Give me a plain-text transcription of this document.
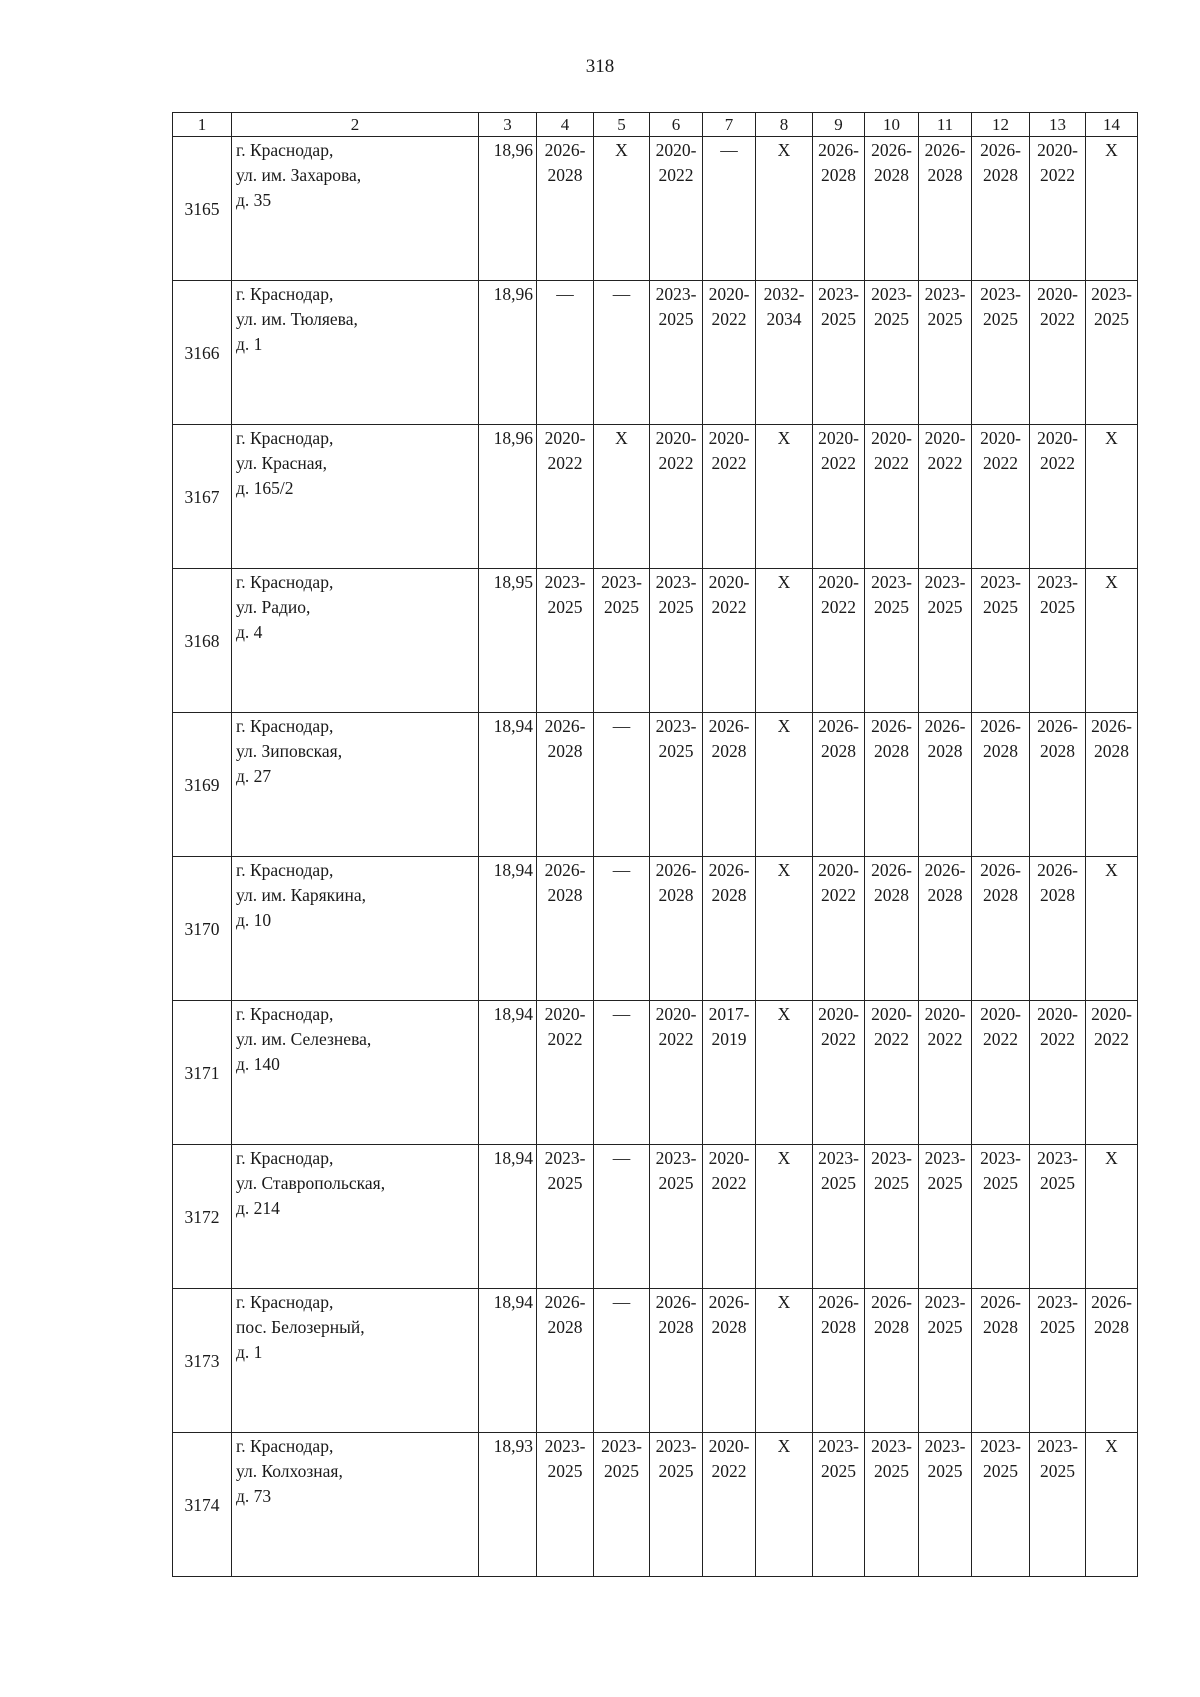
318
1	2	3	4	5	6	7	8	9	10	11	12	13	14
3165	г. Краснодар,
ул. им. Захарова,
д. 35	18,96	2026-
2028	X	2020-
2022	—	X	2026-
2028	2026-
2028	2026-
2028	2026-
2028	2020-
2022	X

3166	г. Краснодар,
ул. им. Тюляева,
д. 1	18,96	—	—	2023-
2025	2020-
2022	2032-
2034	2023-
2025	2023-
2025	2023-
2025	2023-
2025	2020-
2022	2023-
2025

3167	г. Краснодар,
ул. Красная,
д. 165/2	18,96	2020-
2022	X	2020-
2022	2020-
2022	X	2020-
2022	2020-
2022	2020-
2022	2020-
2022	2020-
2022	X

3168	г. Краснодар,
ул. Радио,
д. 4	18,95	2023-
2025	2023-
2025	2023-
2025	2020-
2022	X	2020-
2022	2023-
2025	2023-
2025	2023-
2025	2023-
2025	X

3169	г. Краснодар,
ул. Зиповская,
д. 27	18,94	2026-
2028	—	2023-
2025	2026-
2028	X	2026-
2028	2026-
2028	2026-
2028	2026-
2028	2026-
2028	2026-
2028

3170	г. Краснодар,
ул. им. Карякина,
д. 10	18,94	2026-
2028	—	2026-
2028	2026-
2028	X	2020-
2022	2026-
2028	2026-
2028	2026-
2028	2026-
2028	X

3171	г. Краснодар,
ул. им. Селезнева,
д. 140	18,94	2020-
2022	—	2020-
2022	2017-
2019	X	2020-
2022	2020-
2022	2020-
2022	2020-
2022	2020-
2022	2020-
2022

3172	г. Краснодар,
ул. Ставропольская,
д. 214	18,94	2023-
2025	—	2023-
2025	2020-
2022	X	2023-
2025	2023-
2025	2023-
2025	2023-
2025	2023-
2025	X

3173	г. Краснодар,
пос. Белозерный,
д. 1	18,94	2026-
2028	—	2026-
2028	2026-
2028	X	2026-
2028	2026-
2028	2023-
2025	2026-
2028	2023-
2025	2026-
2028

3174	г. Краснодар,
ул. Колхозная,
д. 73	18,93	2023-
2025	2023-
2025	2023-
2025	2020-
2022	X	2023-
2025	2023-
2025	2023-
2025	2023-
2025	2023-
2025	X
